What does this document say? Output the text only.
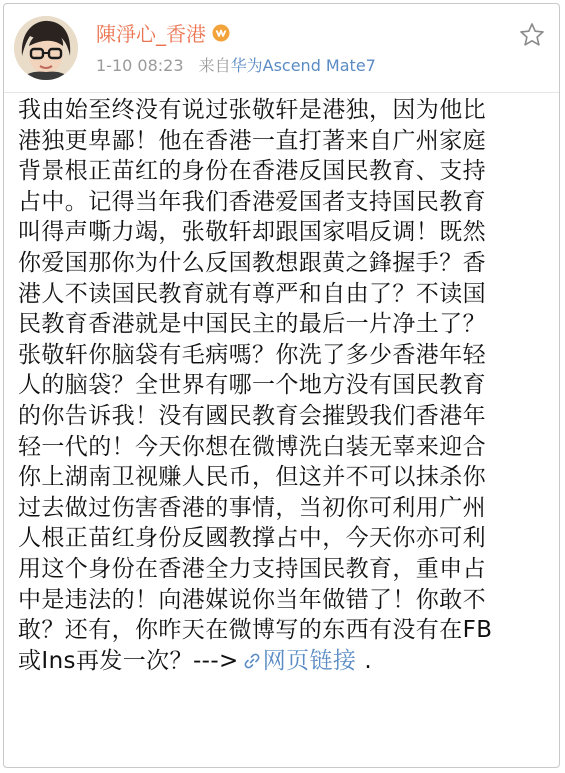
陳淨心_香港
1-10 08:23 来自华为Ascend Mate7
我由始至终没有说过张敬轩是港独，因为他比
港独更卑鄙！他在香港一直打著来自广州家庭
背景根正苗红的身份在香港反国民教育、支持
占中。记得当年我们香港爱国者支持国民教育
叫得声嘶力竭，张敬轩却跟国家唱反调！既然
你爱国那你为什么反国教想跟黄之鋒握手？香
港人不读国民教育就有尊严和自由了？不读国
民教育香港就是中国民主的最后一片净土了？
张敬轩你脑袋有毛病嗎？你洗了多少香港年轻
人的脑袋？全世界有哪一个地方没有国民教育
的你告诉我！没有國民教育会摧毁我们香港年
轻一代的！今天你想在微博洗白装无辜来迎合
你上湖南卫视赚人民币，但这并不可以抹杀你
过去做过伤害香港的事情，当初你可利用广州
人根正苗红身份反國教撑占中，今天你亦可利
用这个身份在香港全力支持国民教育，重申占
中是违法的！向港媒说你当年做错了！你敢不
敢？还有，你昨天在微博写的东西有没有在FB
或Ins再发一次？---> 网页链接 .
